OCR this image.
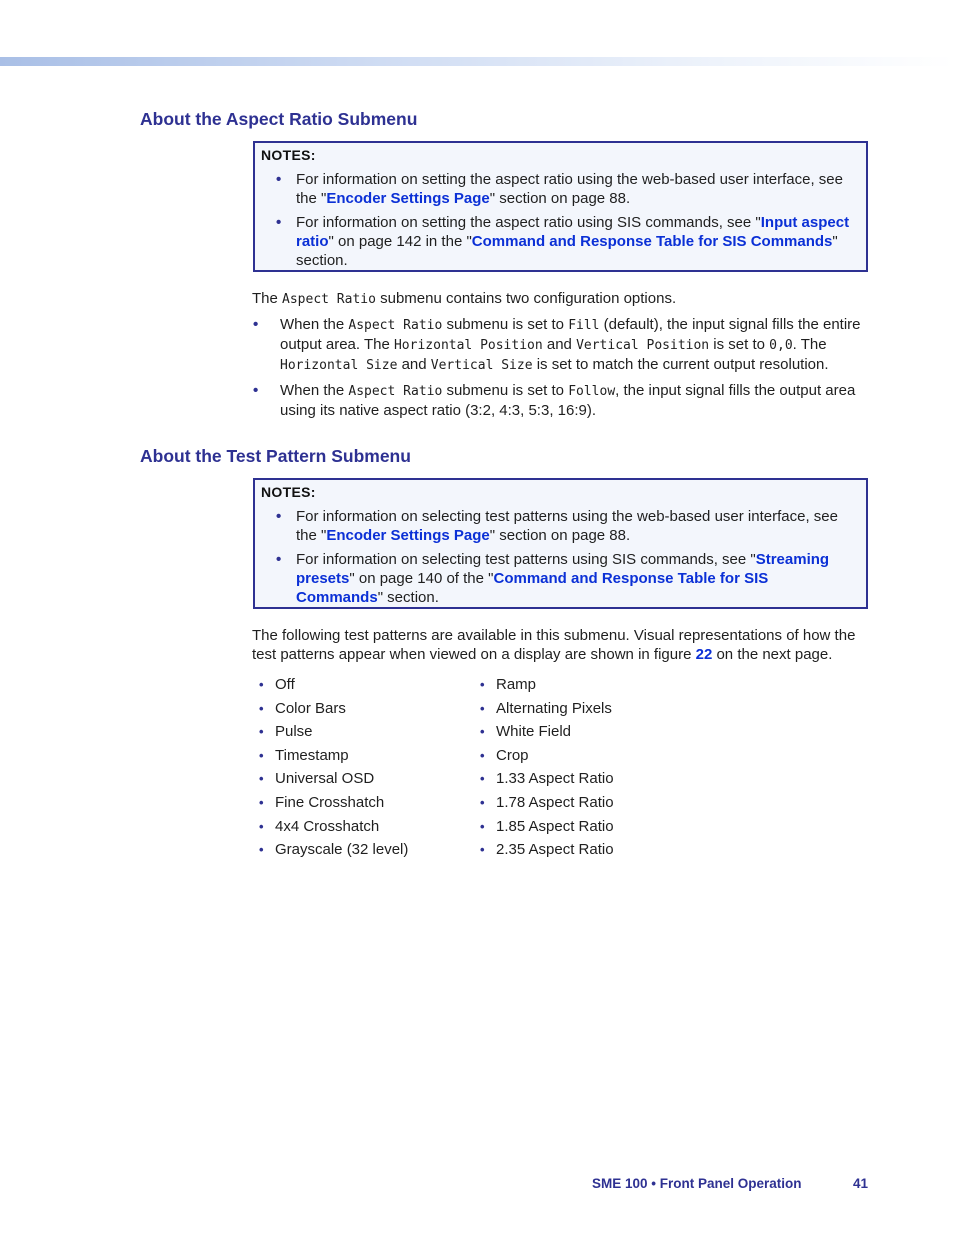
About the Aspect Ratio Submenu
NOTES:
• For information on setting the aspect ratio using the web-based user interface, see the "Encoder Settings Page" section on page 88.
• For information on setting the aspect ratio using SIS commands, see "Input aspect ratio" on page 142 in the "Command and Response Table for SIS Commands" section.

The Aspect Ratio submenu contains two configuration options.

• When the Aspect Ratio submenu is set to Fill (default), the input signal fills the entire output area. The Horizontal Position and Vertical Position is set to 0,0. The Horizontal Size and Vertical Size is set to match the current output resolution.
• When the Aspect Ratio submenu is set to Follow, the input signal fills the output area using its native aspect ratio (3:2, 4:3, 5:3, 16:9).
About the Test Pattern Submenu
NOTES:
• For information on selecting test patterns using the web-based user interface, see the "Encoder Settings Page" section on page 88.
• For information on selecting test patterns using SIS commands, see "Streaming presets" on page 140 of the "Command and Response Table for SIS Commands" section.

The following test patterns are available in this submenu. Visual representations of how the test patterns appear when viewed on a display are shown in figure 22 on the next page.

• Off
• Color Bars
• Pulse
• Timestamp
• Universal OSD
• Fine Crosshatch
• 4x4 Crosshatch
• Grayscale (32 level)
• Ramp
• Alternating Pixels
• White Field
• Crop
• 1.33 Aspect Ratio
• 1.78 Aspect Ratio
• 1.85 Aspect Ratio
• 2.35 Aspect Ratio
SME 100 • Front Panel Operation	41
